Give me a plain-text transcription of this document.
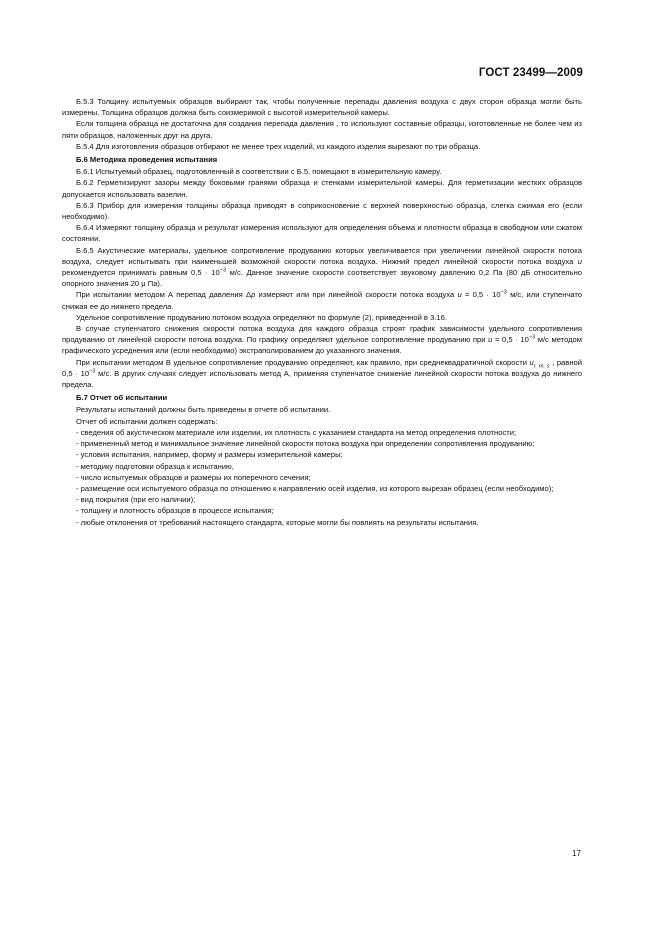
ГОСТ 23499—2009

Б.5.3 Толщину испытуемых образцов выбирают так, чтобы полученные перепады давления воздуха с двух сторон образца могли быть измерены. Толщина образцов должна быть соизмеримой с высотой измерительной камеры.

Если толщина образца не достаточна для создания перепада давления , то используют составные образцы, изготовленные не более чем из пяти образцов, наложенных друг на друга.

Б.5.4 Для изготовления образцов отбирают не менее трех изделий, из каждого изделия вырезают по три образца.

Б.6 Методика проведения испытания

Б.6.1 Испытуемый образец, подготовленный в соответствии с Б.5, помещают в измерительную камеру.

Б.6.2 Герметизируют зазоры между боковыми гранями образца и стенками измерительной камеры. Для герметизации жестких образцов допускается использовать вазелин.

Б.6.3 Прибор для измерения толщины образца приводят в соприкосновение с верхней поверхностью образца, слегка сжимая его (если необходимо).

Б.6.4 Измеряют толщину образца и результат измерения используют для определения объема и плотности образца в свободном или сжатом состоянии.

Б.6.5 Акустические материалы, удельное сопротивление продуванию которых увеличивается при увеличении линейной скорости потока воздуха, следует испытывать при наименьшей возможной скорости потока воздуха. Нижний предел линейной скорости потока воздуха u рекомендуется принимать равным $0,5 \cdot 10^{-3}$ м/с. Данное значение скорости соответствует звуковому давлению 0,2 Па (80 дБ относительно опорного значения 20 μ Па).

При испытании методом А перепад давления Δp измеряют или при линейной скорости потока воздуха $u = 0,5 \cdot 10^{-3}$ м/с, или ступенчато снижая ее до нижнего предела.

Удельное сопротивление продуванию потоком воздуха определяют по формуле (2), приведенной в 3.16.

В случае ступенчатого снижения скорости потока воздуха для каждого образца строят график зависимости удельного сопротивления продуванию от линейной скорости потока воздуха. По графику определяют удельное сопротивление продуванию при $u = 0,5 \cdot 10^{-3}$ м/с методом графического усреднения или (если необходимо) экстраполированием до указанного значения.

При испытании методом В удельное сопротивление продуванию определяют, как правило, при среднеквадратичной скорости $u_{r. m. s}$ , равной $0,5 \cdot 10^{-3}$ м/с. В других случаях следует использовать метод А, применяя ступенчатое снижение линейной скорости потока воздуха до нижнего предела.

Б.7 Отчет об испытании

Результаты испытаний должны быть приведены в отчете об испытании.

Отчет об испытании должен содержать:

- сведения об акустическом материале или изделии, их плотность с указанием стандарта на метод определения плотности;

- примененный метод и минимальное значение линейной скорости потока воздуха при определении сопротивления продуванию;

- условия испытания, например, форму и размеры измерительной камеры;

- методику подготовки образца к испытанию,

- число испытуемых образцов и размеры их поперечного сечения;

- размещение оси испытуемого образца по отношению к направлению осей изделия, из которого вырезан образец (если необходимо);

- вид покрытия (при его наличии);

- толщину и плотность образцов в процессе испытания;

- любые отклонения от требований настоящего стандарта, которые могли бы повлиять на результаты испытания.

17
